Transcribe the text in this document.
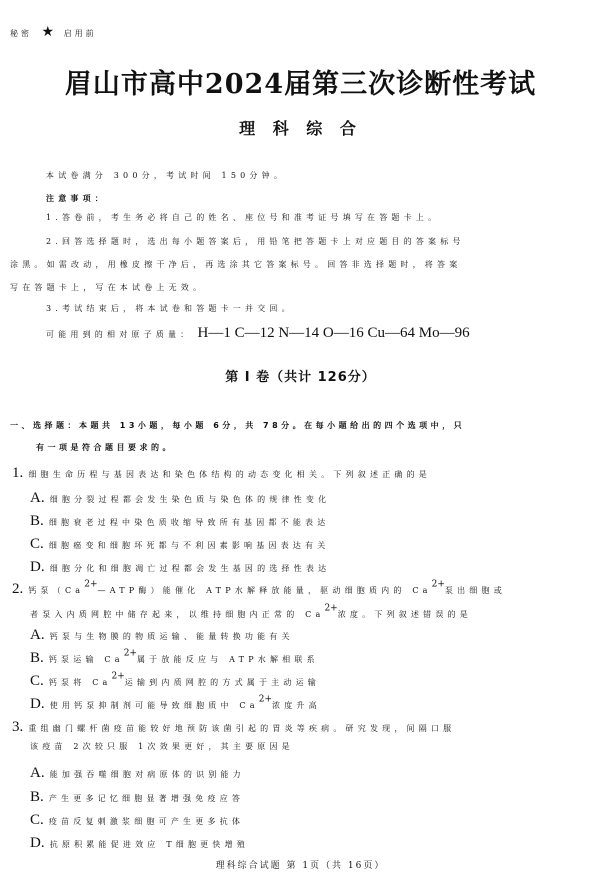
秘密 ★ 启用前
眉山市高中2024届第三次诊断性考试
理 科 综 合
本试卷满分 300分，考试时间 150分钟。
注意事项：
1.答卷前，考生务必将自己的姓名、座位号和准考证号填写在答题卡上。
2.回答选择题时，选出每小题答案后，用铅笔把答题卡上对应题目的答案标号
涂黑。如需改动，用橡皮擦干净后，再选涂其它答案标号。回答非选择题时，将答案
写在答题卡上，写在本试卷上无效。
3.考试结束后，将本试卷和答题卡一并交回。
可能用到的相对原子质量： H—1 C—12 N—14 O—16 Cu—64 Mo—96
第 Ⅰ 卷（共计 126分）
一、选择题：本题共 13小题，每小题 6分，共 78分。在每小题给出的四个选项中，只
有一项是符合题目要求的。
1. 细胞生命历程与基因表达和染色体结构的动态变化相关。下列叙述正确的是
A. 细胞分裂过程都会发生染色质与染色体的规律性变化
B. 细胞衰老过程中染色质收缩导致所有基因都不能表达
C. 细胞癌变和细胞坏死都与不利因素影响基因表达有关
D. 细胞分化和细胞凋亡过程都会发生基因的选择性表达
2. 钙泵（$Ca^{2+}—ATP$酶）能催化 ATP水解释放能量，驱动细胞质内的 $Ca^{2+}$泵出细胞或
者泵入内质网腔中储存起来，以维持细胞内正常的 $Ca^{2+}$浓度。下列叙述错误的是
A. 钙泵与生物膜的物质运输、能量转换功能有关
B. 钙泵运输 $Ca^{2+}$属于放能反应与 ATP水解相联系
C. 钙泵将 $Ca^{2+}$运输到内质网腔的方式属于主动运输
D. 使用钙泵抑制剂可能导致细胞质中 $Ca^{2+}$浓度升高
3. 重组幽门螺杆菌疫苗能较好地预防该菌引起的胃炎等疾病。研究发现，间隔口服
该疫苗 2次较只服 1次效果更好，其主要原因是
A. 能加强吞噬细胞对病原体的识别能力
B. 产生更多记忆细胞显著增强免疫应答
C. 疫苗反复刺激浆细胞可产生更多抗体
D. 抗原积累能促进效应 T细胞更快增殖
理科综合试题 第 1页（共 16页）
